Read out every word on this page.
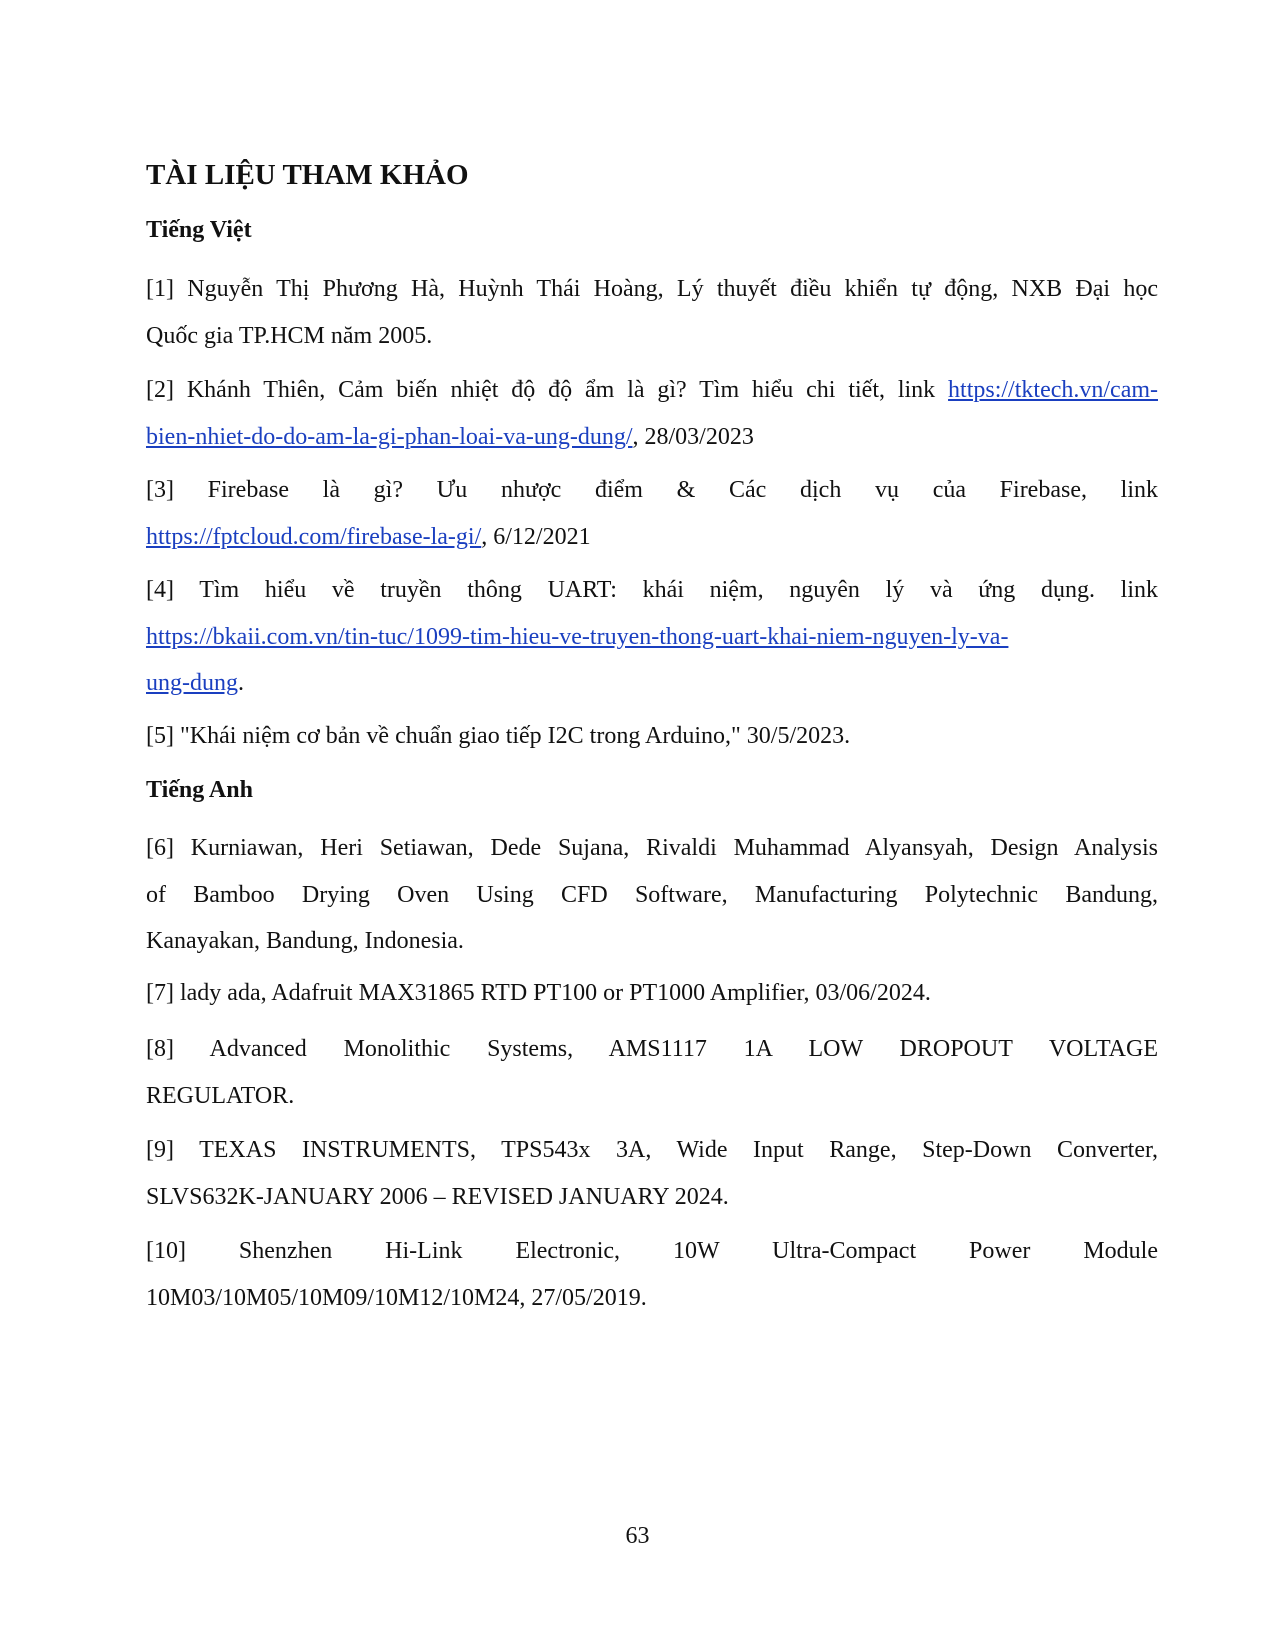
TÀI LIỆU THAM KHẢO
Tiếng Việt
[1] Nguyễn Thị Phương Hà, Huỳnh Thái Hoàng, Lý thuyết điều khiển tự động, NXB Đại học
Quốc gia TP.HCM năm 2005.
[2] Khánh Thiên, Cảm biến nhiệt độ độ ẩm là gì? Tìm hiểu chi tiết, link https://tktech.vn/cam-
bien-nhiet-do-do-am-la-gi-phan-loai-va-ung-dung/, 28/03/2023
[3] Firebase là gì? Ưu nhược điểm & Các dịch vụ của Firebase, link
https://fptcloud.com/firebase-la-gi/, 6/12/2021
[4] Tìm hiểu về truyền thông UART: khái niệm, nguyên lý và ứng dụng. link
https://bkaii.com.vn/tin-tuc/1099-tim-hieu-ve-truyen-thong-uart-khai-niem-nguyen-ly-va-
ung-dung.
[5] "Khái niệm cơ bản về chuẩn giao tiếp I2C trong Arduino," 30/5/2023.
Tiếng Anh
[6] Kurniawan, Heri Setiawan, Dede Sujana, Rivaldi Muhammad Alyansyah, Design Analysis
of Bamboo Drying Oven Using CFD Software, Manufacturing Polytechnic Bandung,
Kanayakan, Bandung, Indonesia.
[7] lady ada, Adafruit MAX31865 RTD PT100 or PT1000 Amplifier, 03/06/2024.
[8] Advanced Monolithic Systems, AMS1117 1A LOW DROPOUT VOLTAGE
REGULATOR.
[9] TEXAS INSTRUMENTS, TPS543x 3A, Wide Input Range, Step-Down Converter,
SLVS632K-JANUARY 2006 – REVISED JANUARY 2024.
[10] Shenzhen Hi-Link Electronic, 10W Ultra-Compact Power Module
10M03/10M05/10M09/10M12/10M24, 27/05/2019.
63
